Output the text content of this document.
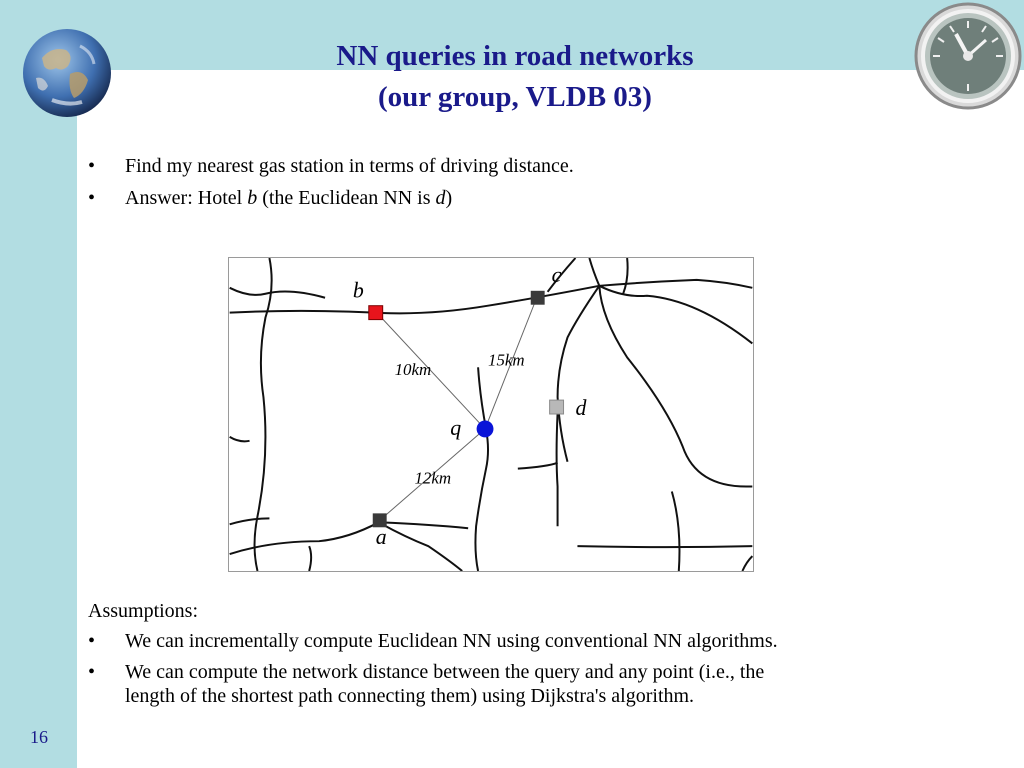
NN queries in road networks
(our group, VLDB 03)
• Find my nearest gas station in terms of driving distance.
• Answer: Hotel b (the Euclidean NN is d)
b
c
d
q
a
10km
15km
12km
Assumptions:
• We can incrementally compute Euclidean NN using conventional NN algorithms.
• We can compute the network distance between the query and any point (i.e., the
length of the shortest path connecting them) using Dijkstra's algorithm.
16
